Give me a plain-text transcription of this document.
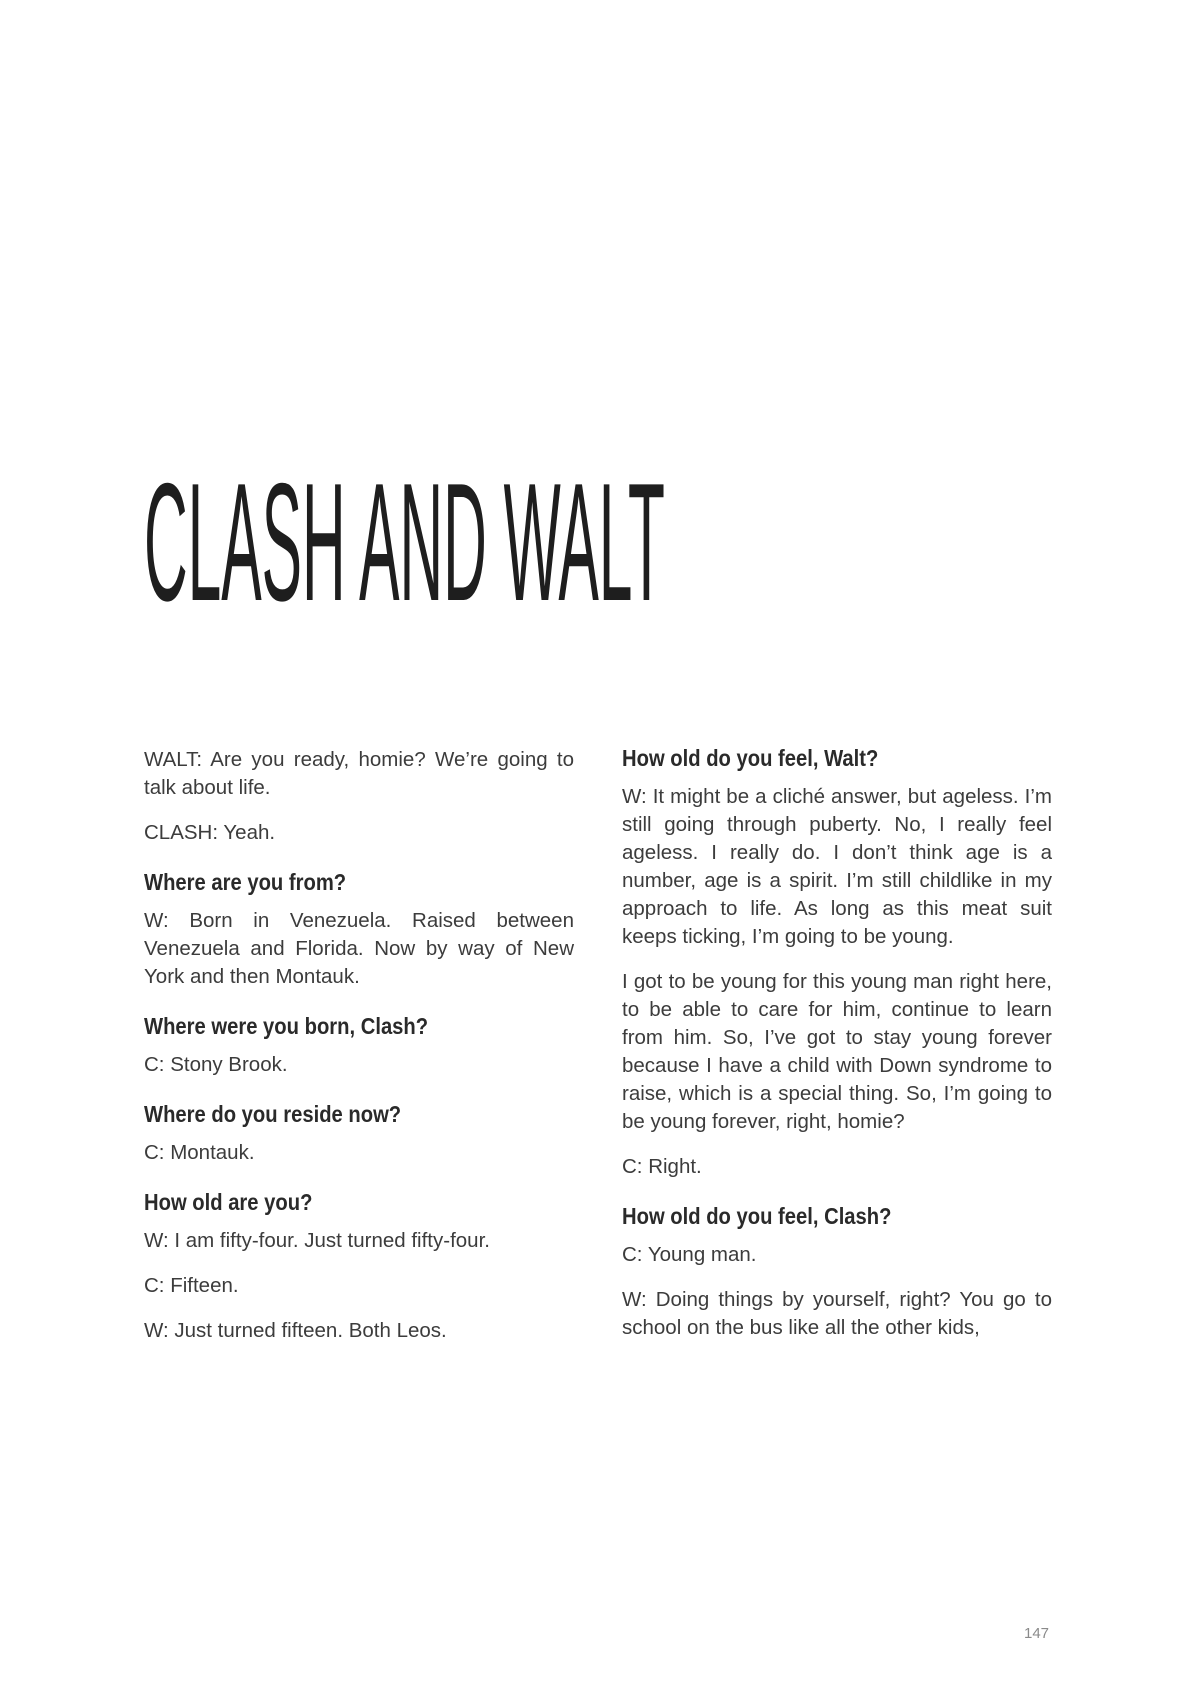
CLASH AND WALT

WALT: Are you ready, homie? We’re going to talk about life.

CLASH: Yeah.

Where are you from?

W: Born in Venezuela. Raised between Venezuela and Florida. Now by way of New York and then Montauk.

Where were you born, Clash?

C: Stony Brook.

Where do you reside now?

C: Montauk.

How old are you?

W: I am fifty-four. Just turned fifty-four.

C: Fifteen.

W: Just turned fifteen. Both Leos.

How old do you feel, Walt?

W: It might be a cliché answer, but ageless. I’m still going through puberty. No, I really feel ageless. I really do. I don’t think age is a number, age is a spirit. I’m still childlike in my approach to life. As long as this meat suit keeps ticking, I’m going to be young.

I got to be young for this young man right here, to be able to care for him, continue to learn from him. So, I’ve got to stay young forever because I have a child with Down syndrome to raise, which is a special thing. So, I’m going to be young forever, right, homie?

C: Right.

How old do you feel, Clash?

C: Young man.

W: Doing things by yourself, right? You go to school on the bus like all the other kids,

147
